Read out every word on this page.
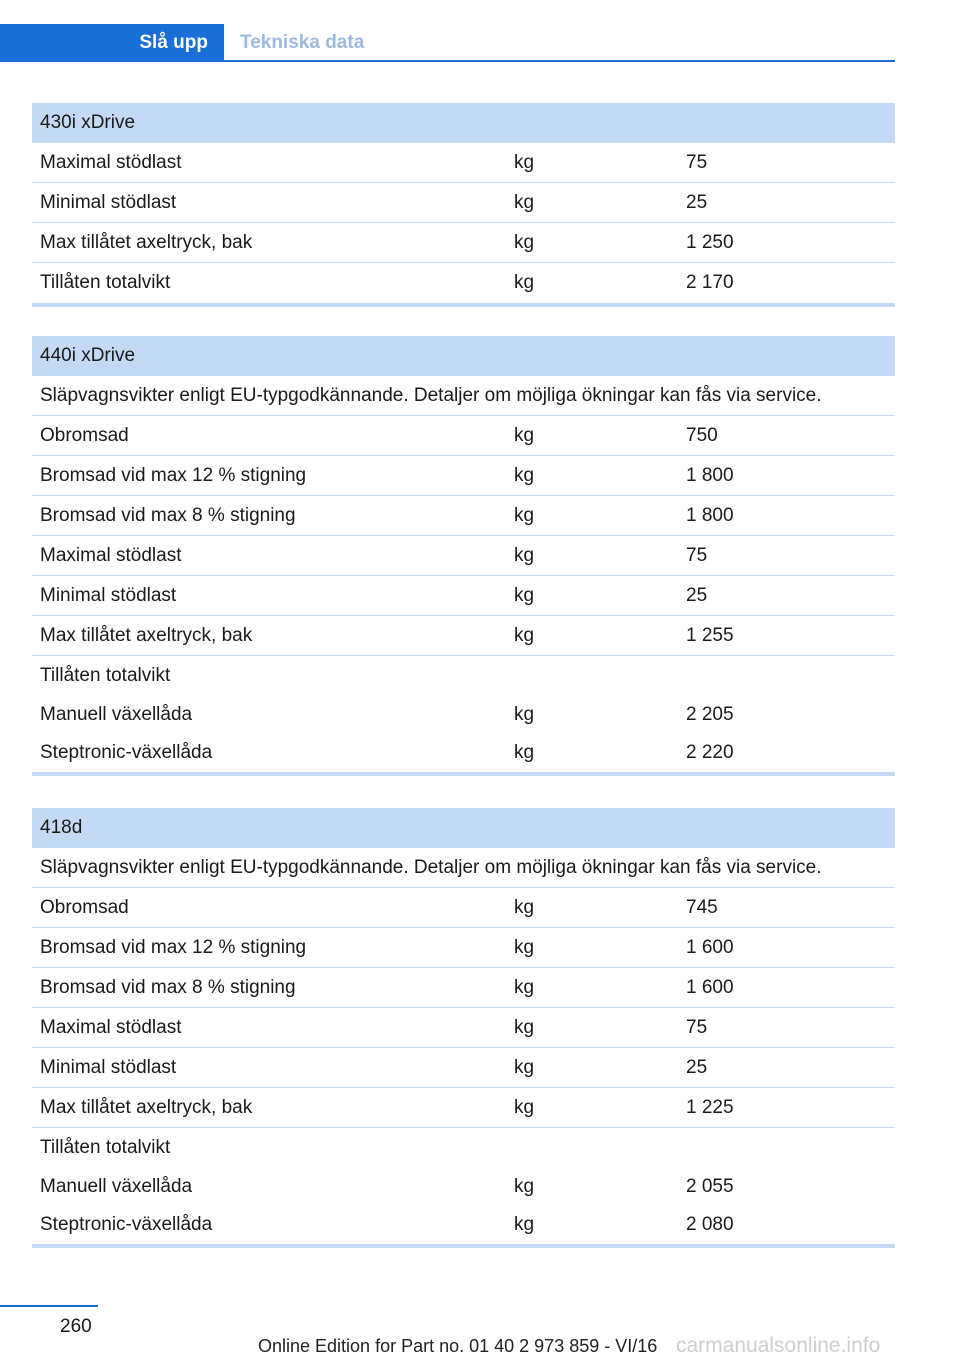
Slå upp	Tekniska data
430i xDrive
Maximal stödlast	kg	75
Minimal stödlast	kg	25
Max tillåtet axeltryck, bak	kg	1 250
Tillåten totalvikt	kg	2 170
440i xDrive
Släpvagnsvikter enligt EU-typgodkännande. Detaljer om möjliga ökningar kan fås via service.
Obromsad	kg	750
Bromsad vid max 12 % stigning	kg	1 800
Bromsad vid max 8 % stigning	kg	1 800
Maximal stödlast	kg	75
Minimal stödlast	kg	25
Max tillåtet axeltryck, bak	kg	1 255
Tillåten totalvikt
Manuell växellåda	kg	2 205
Steptronic-växellåda	kg	2 220
418d
Släpvagnsvikter enligt EU-typgodkännande. Detaljer om möjliga ökningar kan fås via service.
Obromsad	kg	745
Bromsad vid max 12 % stigning	kg	1 600
Bromsad vid max 8 % stigning	kg	1 600
Maximal stödlast	kg	75
Minimal stödlast	kg	25
Max tillåtet axeltryck, bak	kg	1 225
Tillåten totalvikt
Manuell växellåda	kg	2 055
Steptronic-växellåda	kg	2 080
260
Online Edition for Part no. 01 40 2 973 859 - VI/16 carmanualsonline.info
